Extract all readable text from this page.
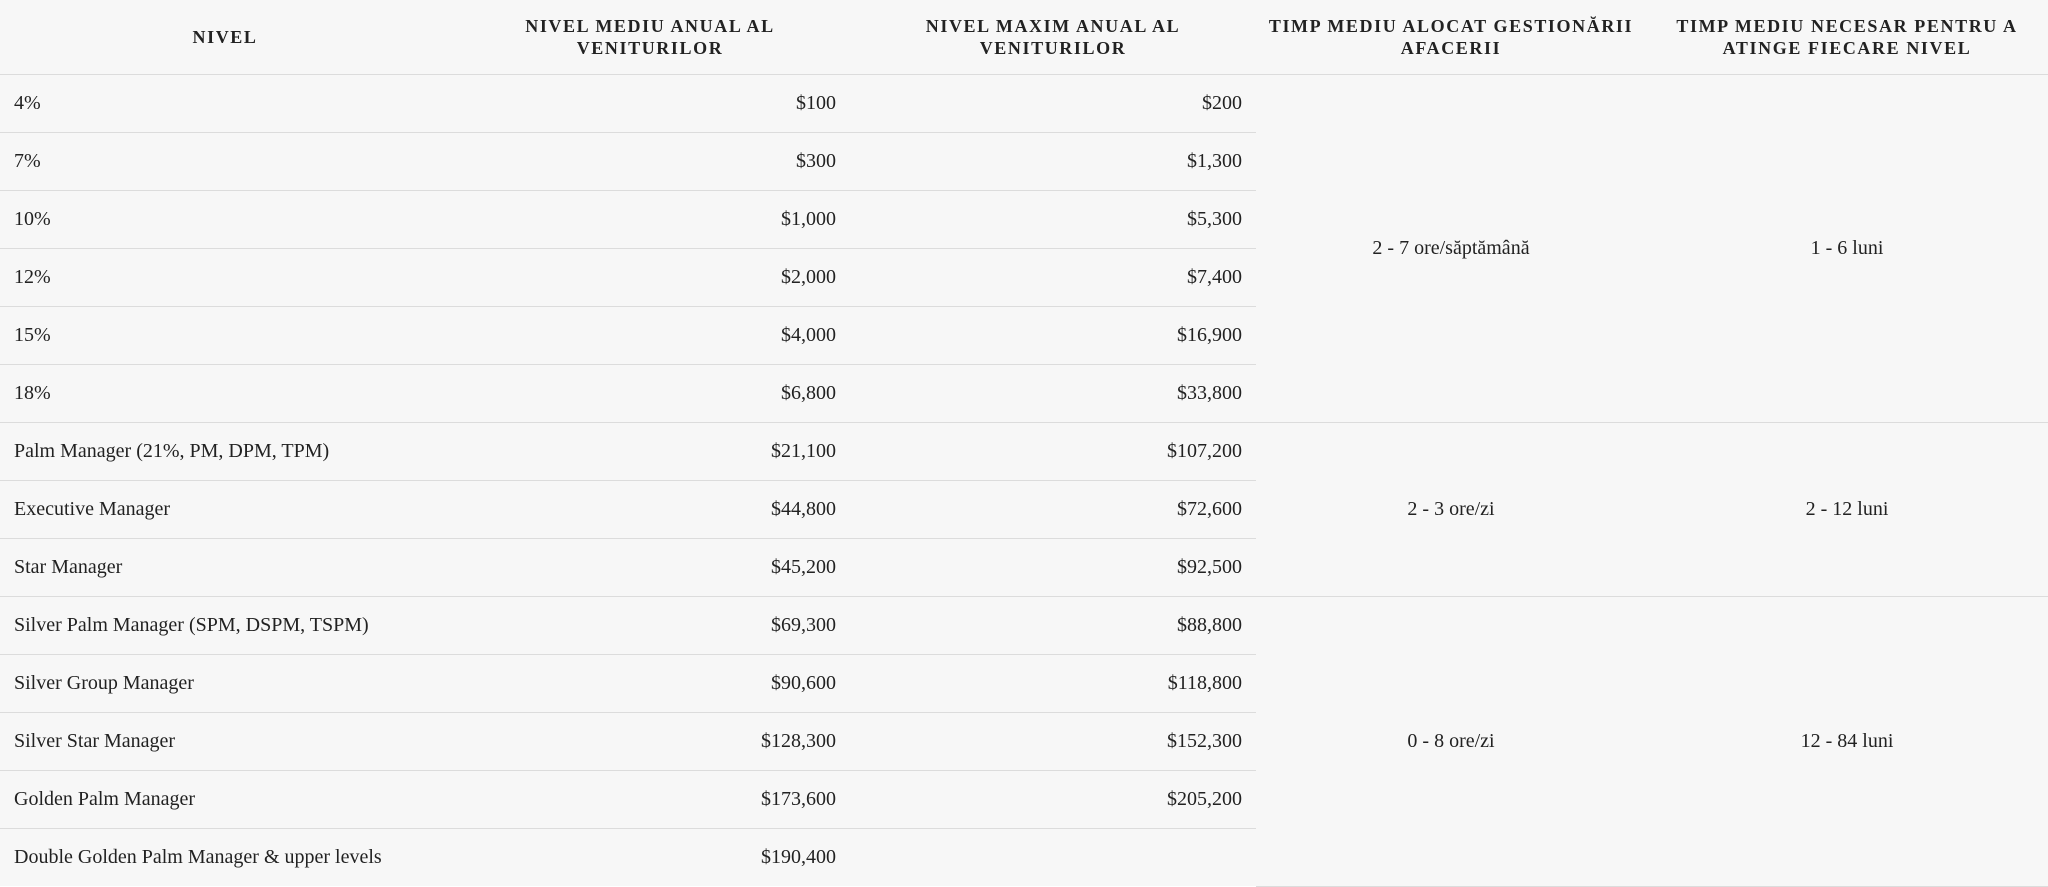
NIVEL	NIVEL MEDIU ANUAL AL VENITURILOR	NIVEL MAXIM ANUAL AL VENITURILOR	TIMP MEDIU ALOCAT GESTIONĂRII AFACERII	TIMP MEDIU NECESAR PENTRU A ATINGE FIECARE NIVEL
4%	$100	$200	2 - 7 ore/săptămână	1 - 6 luni
7%	$300	$1,300		
10%	$1,000	$5,300		
12%	$2,000	$7,400		
15%	$4,000	$16,900		
18%	$6,800	$33,800		
Palm Manager (21%, PM, DPM, TPM)	$21,100	$107,200	2 - 3 ore/zi	2 - 12 luni
Executive Manager	$44,800	$72,600		
Star Manager	$45,200	$92,500		
Silver Palm Manager (SPM, DSPM, TSPM)	$69,300	$88,800	0 - 8 ore/zi	12 - 84 luni
Silver Group Manager	$90,600	$118,800		
Silver Star Manager	$128,300	$152,300		
Golden Palm Manager	$173,600	$205,200		
Double Golden Palm Manager & upper levels	$190,400			
